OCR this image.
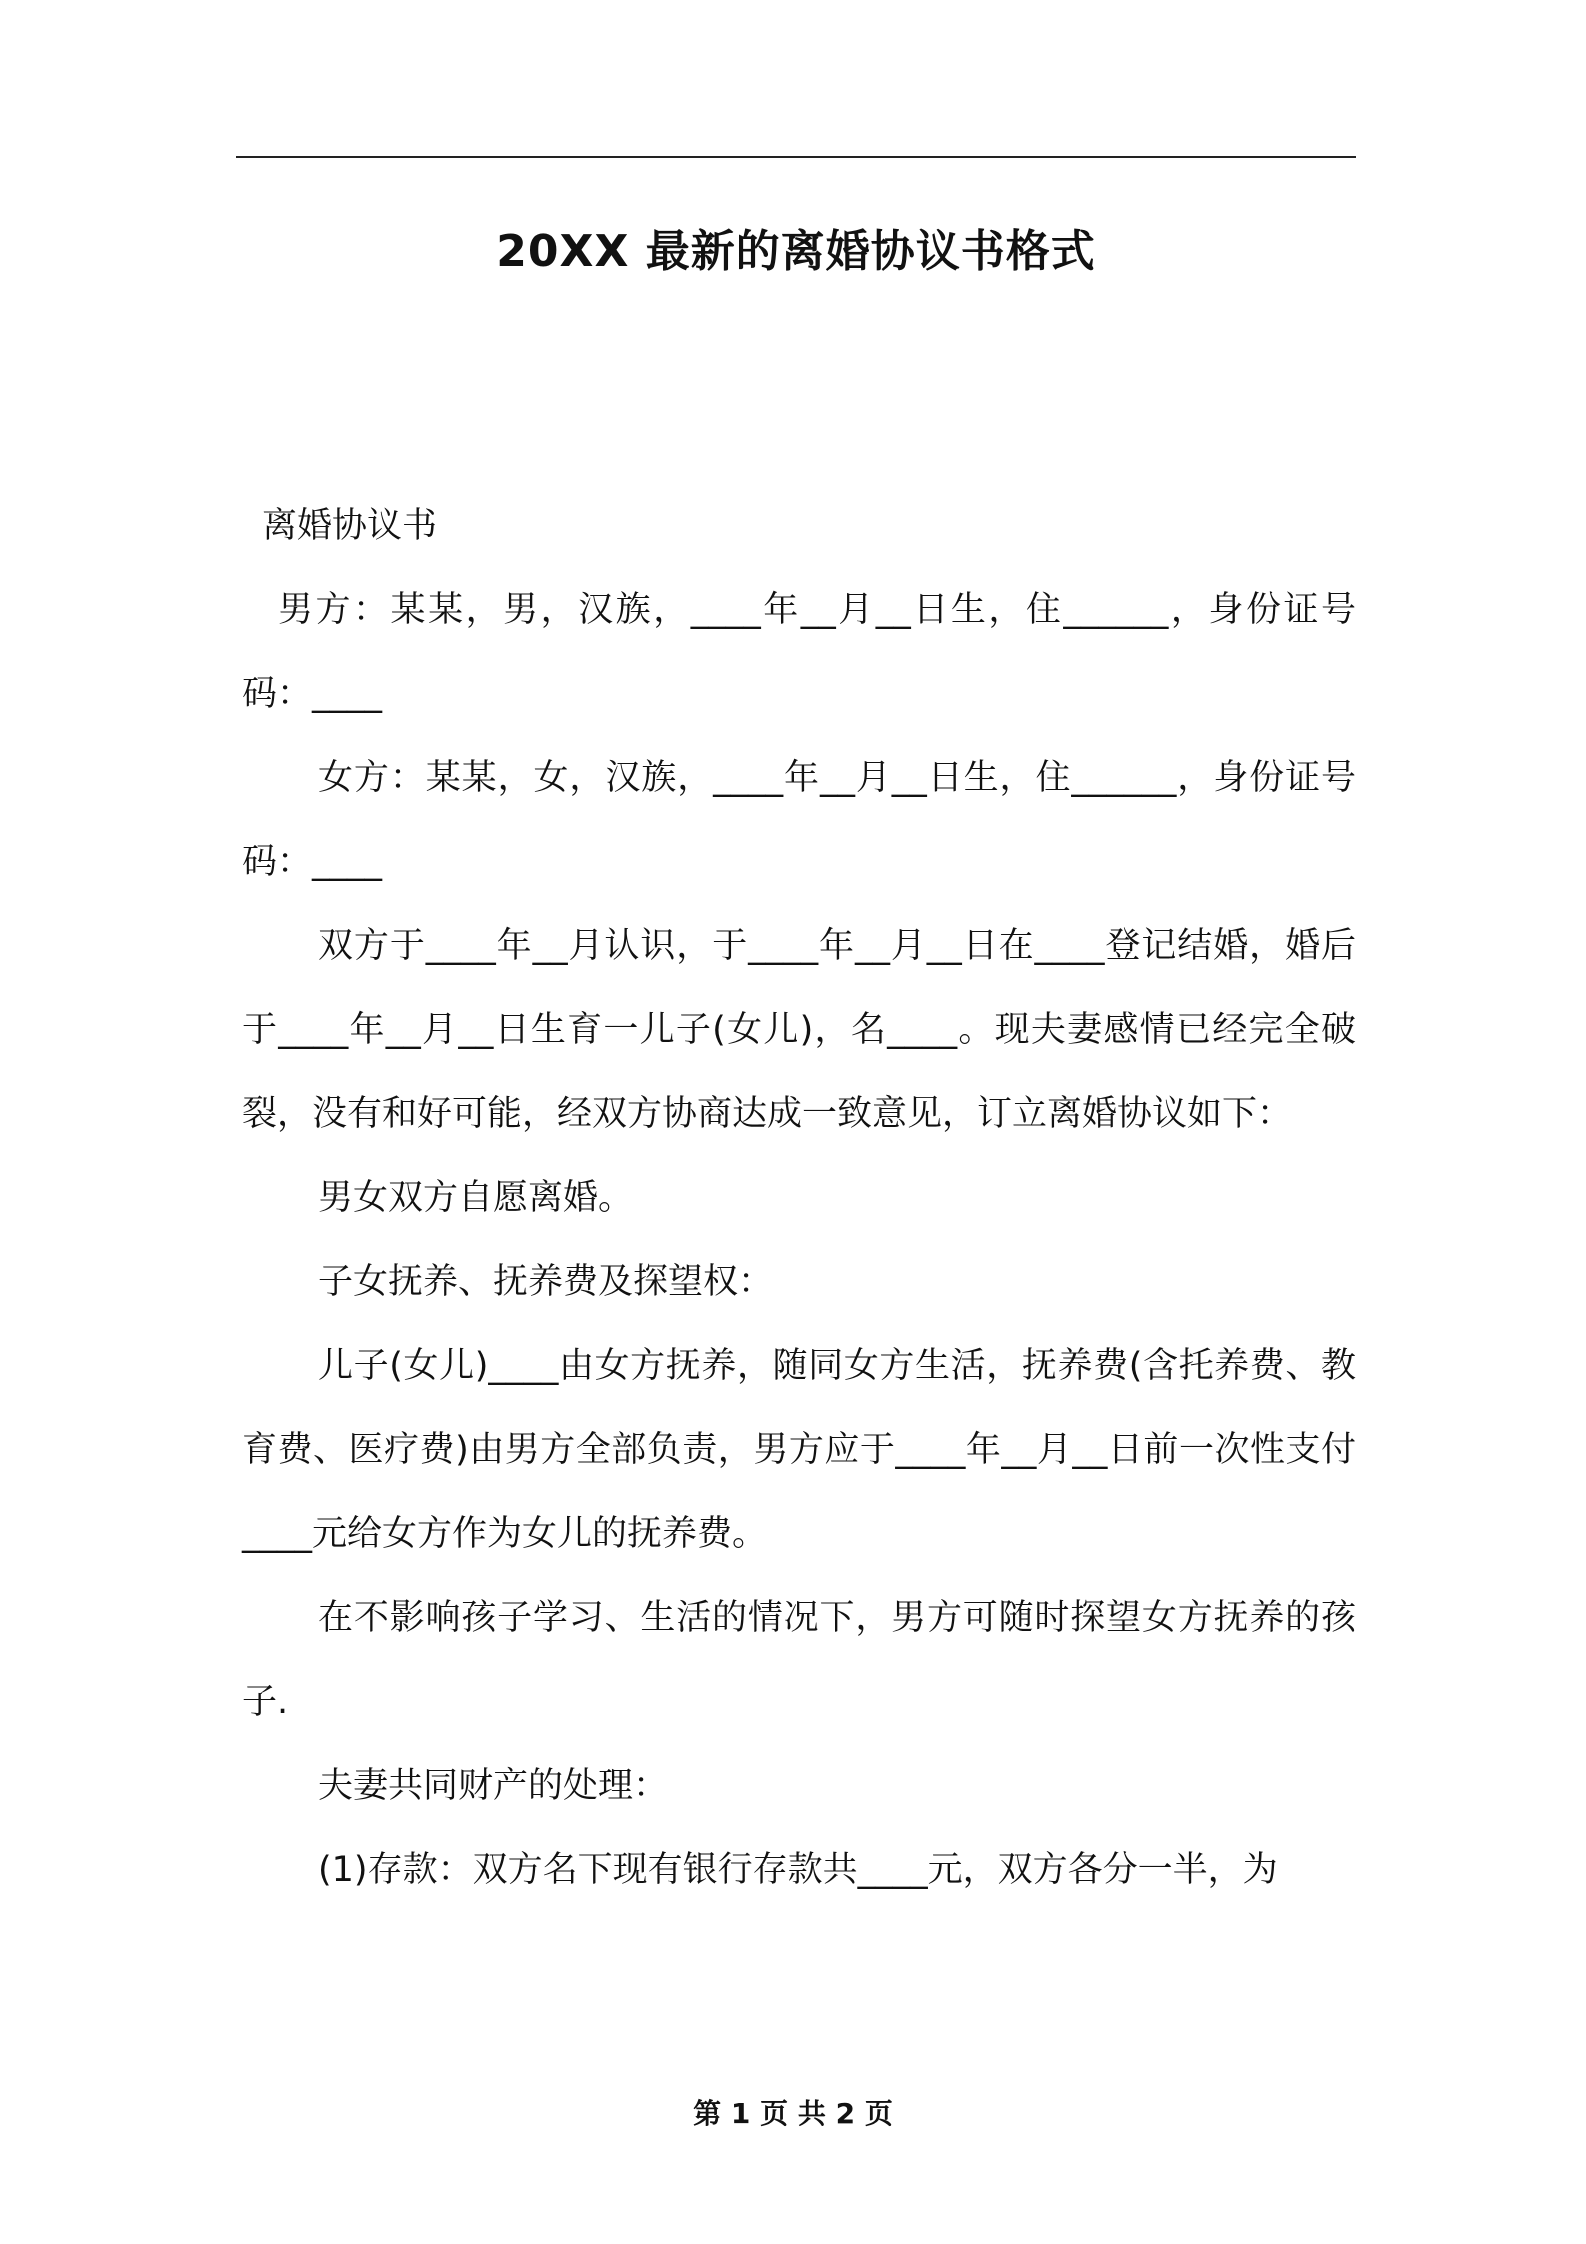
20XX 最新的离婚协议书格式

离婚协议书

男方：某某，男，汉族，____年__月__日生，住______，身份证号码：____

女方：某某，女，汉族，____年__月__日生，住______，身份证号码：____

双方于____年__月认识，于____年__月__日在____登记结婚，婚后于____年__月__日生育一儿子(女儿)，名____。现夫妻感情已经完全破裂，没有和好可能，经双方协商达成一致意见，订立离婚协议如下：

男女双方自愿离婚。

子女抚养、抚养费及探望权：

儿子(女儿)____由女方抚养，随同女方生活，抚养费(含托养费、教育费、医疗费)由男方全部负责，男方应于____年__月__日前一次性支付____元给女方作为女儿的抚养费。

在不影响孩子学习、生活的情况下，男方可随时探望女方抚养的孩子.

夫妻共同财产的处理：

(1)存款：双方名下现有银行存款共____元，双方各分一半，为

第 1 页 共 2 页
